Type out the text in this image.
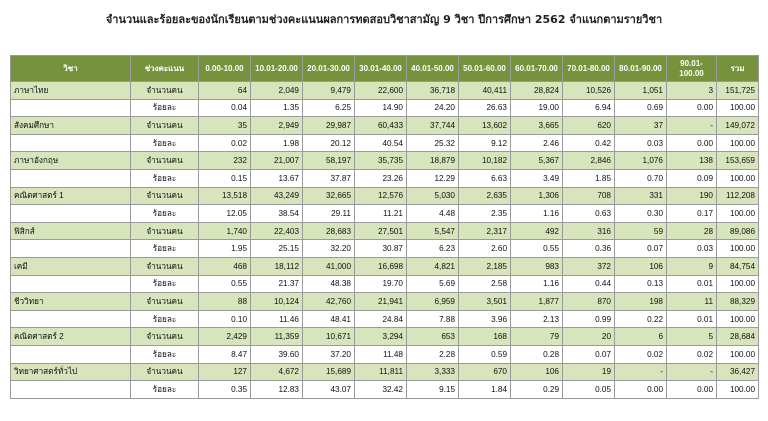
จำนวนและร้อยละของนักเรียนตามช่วงคะแนนผลการทดสอบวิชาสามัญ 9 วิชา ปีการศึกษา 2562 จำแนกตามรายวิชา
วิชา	ช่วงคะแนน	0.00-10.00	10.01-20.00	20.01-30.00	30.01-40.00	40.01-50.00	50.01-60.00	60.01-70.00	70.01-80.00	80.01-90.00	90.01-100.00	รวม
ภาษาไทย	จำนวนคน	64	2,049	9,479	22,600	36,718	40,411	28,824	10,526	1,051	3	151,725
	ร้อยละ	0.04	1.35	6.25	14.90	24.20	26.63	19.00	6.94	0.69	0.00	100.00
สังคมศึกษา	จำนวนคน	35	2,949	29,987	60,433	37,744	13,602	3,665	620	37	-	149,072
	ร้อยละ	0.02	1.98	20.12	40.54	25.32	9.12	2.46	0.42	0.03	0.00	100.00
ภาษาอังกฤษ	จำนวนคน	232	21,007	58,197	35,735	18,879	10,182	5,367	2,846	1,076	138	153,659
	ร้อยละ	0.15	13.67	37.87	23.26	12.29	6.63	3.49	1.85	0.70	0.09	100.00
คณิตศาสตร์ 1	จำนวนคน	13,518	43,249	32,665	12,576	5,030	2,635	1,306	708	331	190	112,208
	ร้อยละ	12.05	38.54	29.11	11.21	4.48	2.35	1.16	0.63	0.30	0.17	100.00
ฟิสิกส์	จำนวนคน	1,740	22,403	28,683	27,501	5,547	2,317	492	316	59	28	89,086
	ร้อยละ	1.95	25.15	32.20	30.87	6.23	2.60	0.55	0.36	0.07	0.03	100.00
เคมี	จำนวนคน	468	18,112	41,000	16,698	4,821	2,185	983	372	106	9	84,754
	ร้อยละ	0.55	21.37	48.38	19.70	5.69	2.58	1.16	0.44	0.13	0.01	100.00
ชีววิทยา	จำนวนคน	88	10,124	42,760	21,941	6,959	3,501	1,877	870	198	11	88,329
	ร้อยละ	0.10	11.46	48.41	24.84	7.88	3.96	2.13	0.99	0.22	0.01	100.00
คณิตศาสตร์ 2	จำนวนคน	2,429	11,359	10,671	3,294	653	168	79	20	6	5	28,684
	ร้อยละ	8.47	39.60	37.20	11.48	2.28	0.59	0.28	0.07	0.02	0.02	100.00
วิทยาศาสตร์ทั่วไป	จำนวนคน	127	4,672	15,689	11,811	3,333	670	106	19	-	-	36,427
	ร้อยละ	0.35	12.83	43.07	32.42	9.15	1.84	0.29	0.05	0.00	0.00	100.00
